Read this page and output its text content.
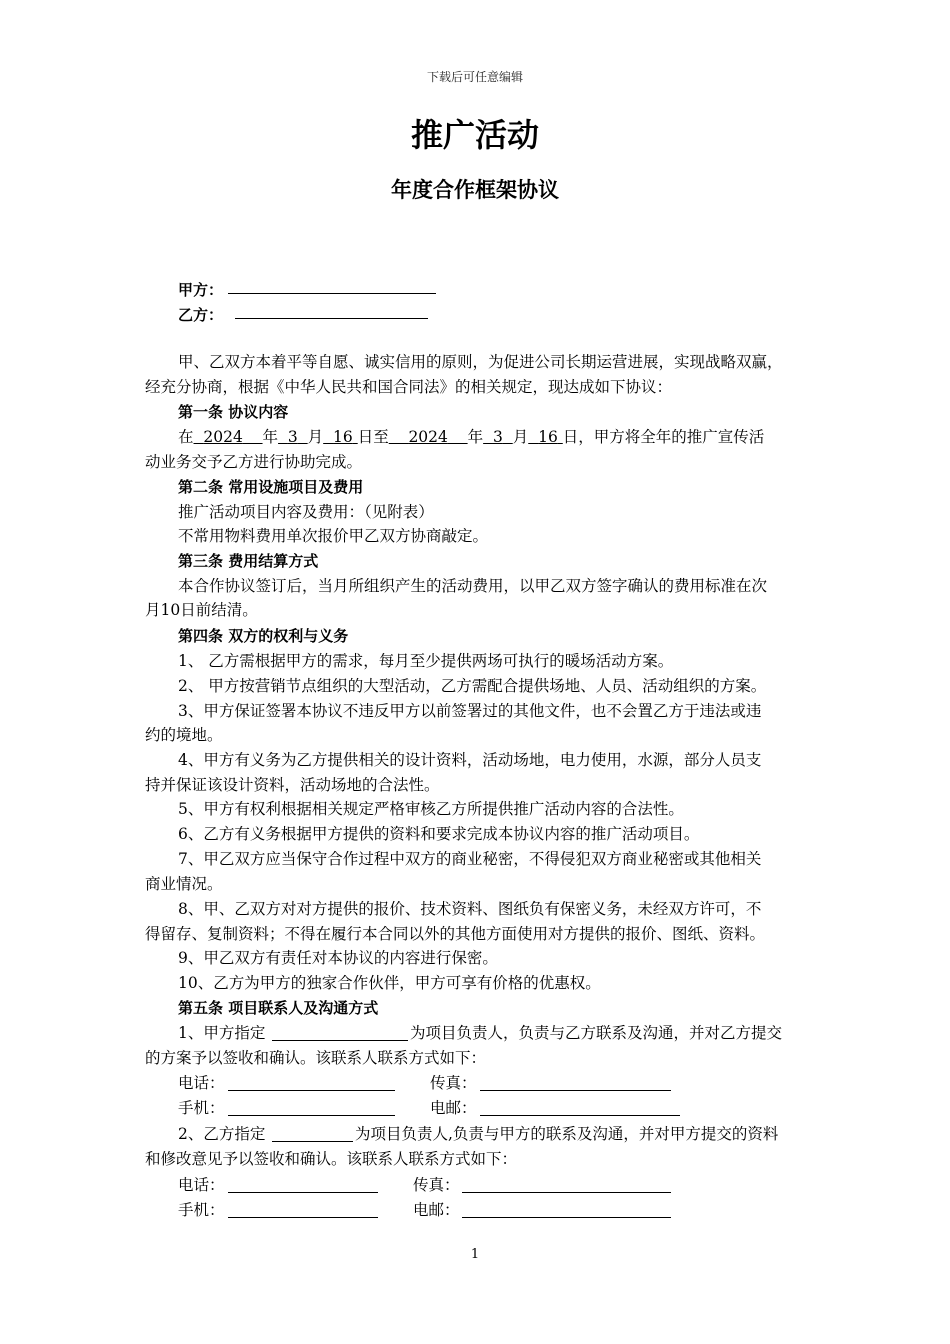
下载后可任意编辑
推广活动
年度合作框架协议
甲方：
乙方：
甲、乙双方本着平等自愿、诚实信用的原则，为促进公司长期运营进展，实现战略双赢，
经充分协商，根据《中华人民共和国合同法》的相关规定，现达成如下协议：
第一条 协议内容
在 2024 年 3 月 16 日至 2024 年 3 月 16 日，甲方将全年的推广宣传活
动业务交予乙方进行协助完成。
第二条 常用设施项目及费用
推广活动项目内容及费用：（见附表）
不常用物料费用单次报价甲乙双方协商敲定。
第三条 费用结算方式
本合作协议签订后，当月所组织产生的活动费用，以甲乙双方签字确认的费用标准在次
月10日前结清。
第四条 双方的权利与义务
1、 乙方需根据甲方的需求，每月至少提供两场可执行的暖场活动方案。
2、 甲方按营销节点组织的大型活动，乙方需配合提供场地、人员、活动组织的方案。
3、甲方保证签署本协议不违反甲方以前签署过的其他文件，也不会置乙方于违法或违
约的境地。
4、甲方有义务为乙方提供相关的设计资料，活动场地，电力使用，水源，部分人员支
持并保证该设计资料，活动场地的合法性。
5、甲方有权利根据相关规定严格审核乙方所提供推广活动内容的合法性。
6、乙方有义务根据甲方提供的资料和要求完成本协议内容的推广活动项目。
7、甲乙双方应当保守合作过程中双方的商业秘密，不得侵犯双方商业秘密或其他相关
商业情况。
8、甲、乙双方对对方提供的报价、技术资料、图纸负有保密义务，未经双方许可，不
得留存、复制资料；不得在履行本合同以外的其他方面使用对方提供的报价、图纸、资料。
9、甲乙双方有责任对本协议的内容进行保密。
10、乙方为甲方的独家合作伙伴，甲方可享有价格的优惠权。
第五条 项目联系人及沟通方式
1、甲方指定	为项目负责人，负责与乙方联系及沟通，并对乙方提交
的方案予以签收和确认。该联系人联系方式如下：
电话：	传真：
手机：	电邮：
2、乙方指定	为项目负责人,负责与甲方的联系及沟通，并对甲方提交的资料
和修改意见予以签收和确认。该联系人联系方式如下：
电话：	传真：
手机：	电邮：
1
